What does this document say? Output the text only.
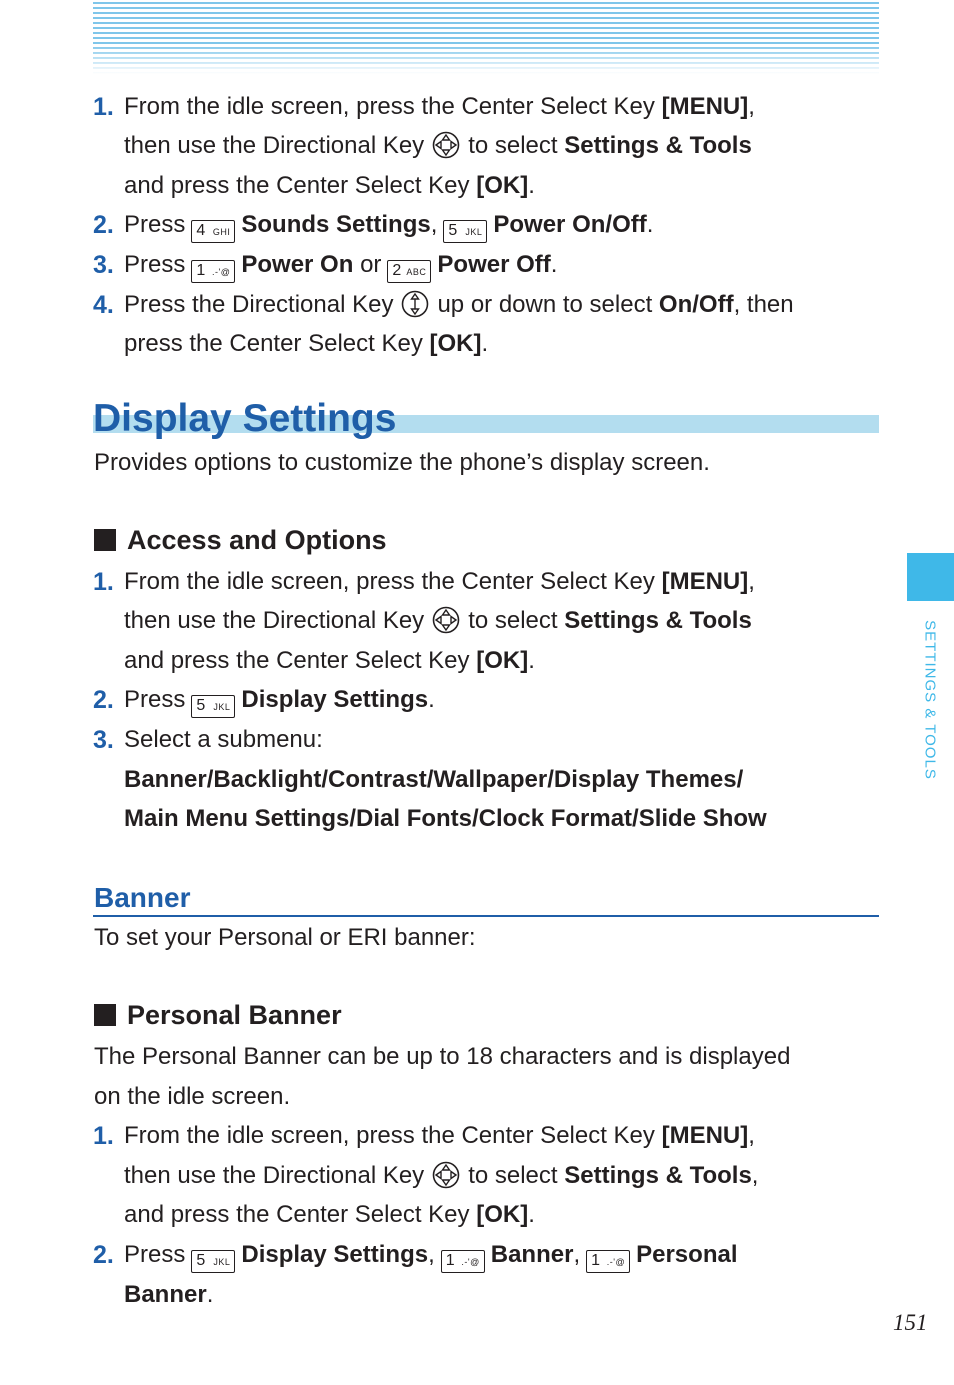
1. From the idle screen, press the Center Select Key [MENU],
then use the Directional Key to select Settings & Tools
and press the Center Select Key [OK].
2. Press 4 GHI Sounds Settings, 5 JKL Power On/Off.
3. Press 1 .-'@ Power On or 2 ABC Power Off.
4. Press the Directional Key up or down to select On/Off, then
press the Center Select Key [OK].
Display Settings
Provides options to customize the phone’s display screen.
Access and Options
1. From the idle screen, press the Center Select Key [MENU],
then use the Directional Key to select Settings & Tools
and press the Center Select Key [OK].
2. Press 5 JKL Display Settings.
3. Select a submenu:
Banner/Backlight/Contrast/Wallpaper/Display Themes/
Main Menu Settings/Dial Fonts/Clock Format/Slide Show
Banner
To set your Personal or ERI banner:
Personal Banner
The Personal Banner can be up to 18 characters and is displayed
on the idle screen.
1. From the idle screen, press the Center Select Key [MENU],
then use the Directional Key to select Settings & Tools,
and press the Center Select Key [OK].
2. Press 5 JKL Display Settings, 1 .-'@ Banner, 1 .-'@ Personal
Banner.
SETTINGS & TOOLS
151
